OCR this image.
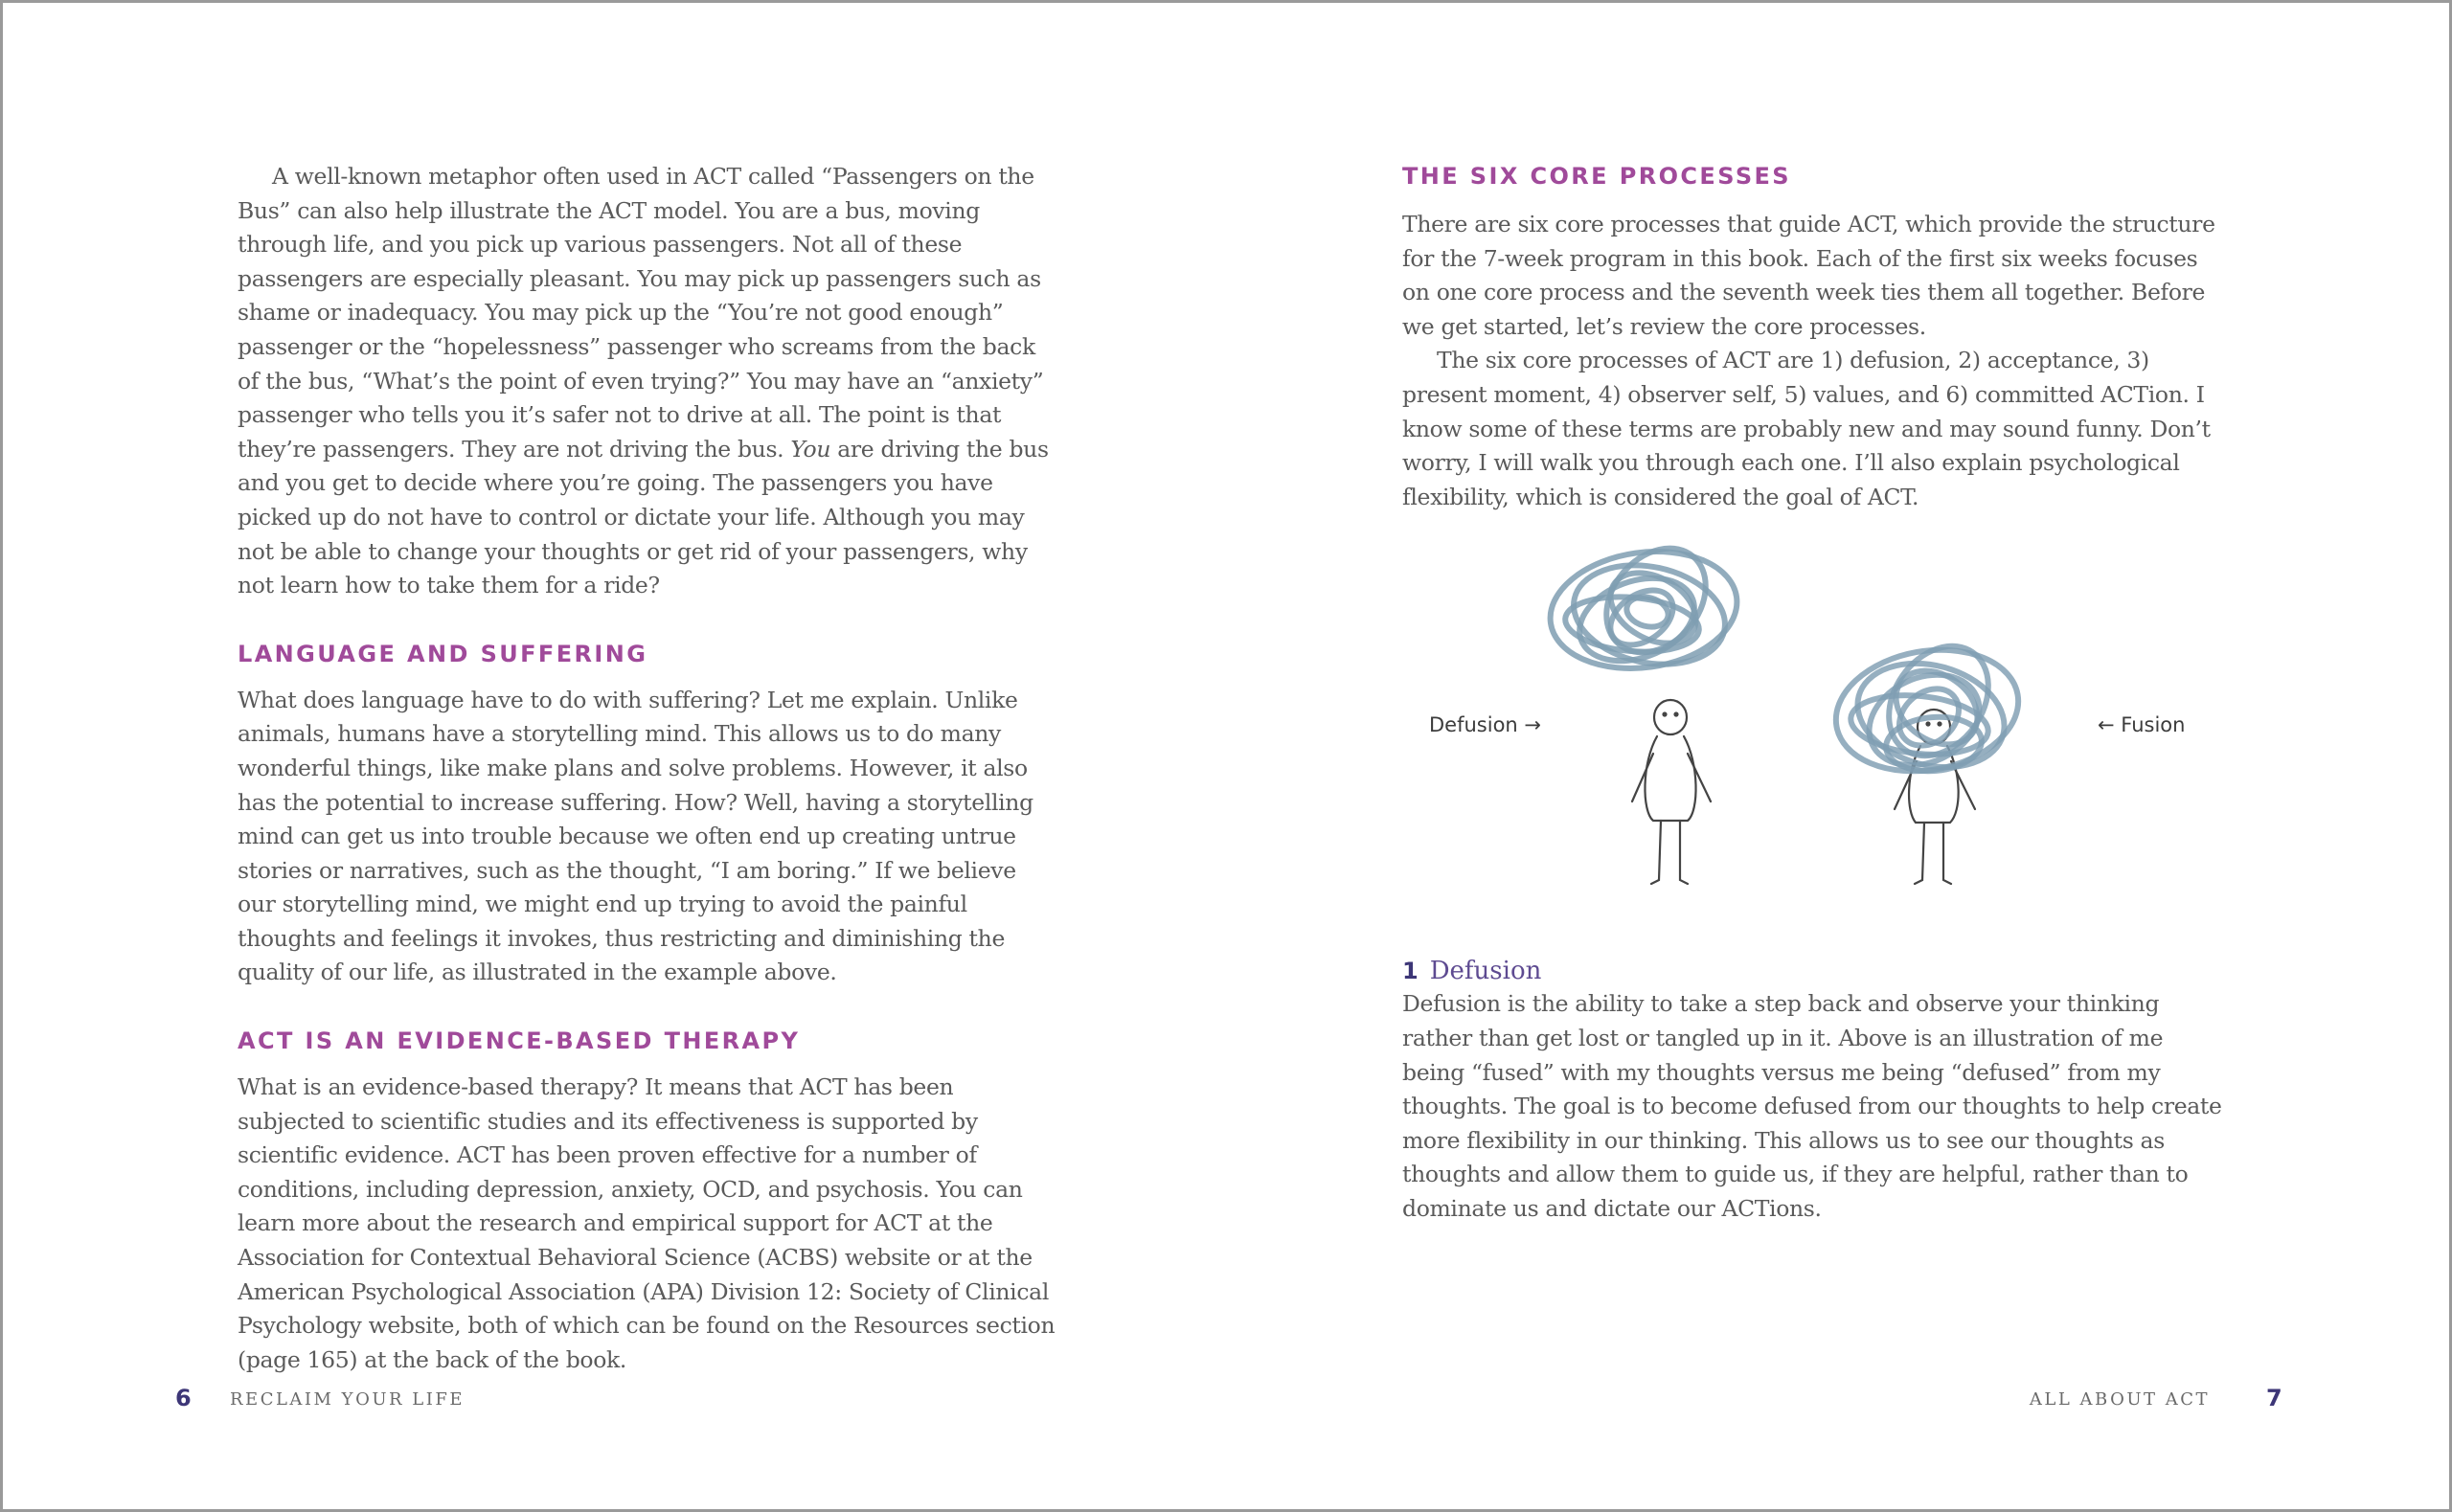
A well-known metaphor often used in ACT called “Passengers on the Bus” can also help illustrate the ACT model. You are a bus, moving through life, and you pick up various passengers. Not all of these passengers are especially pleasant. You may pick up passengers such as shame or inadequacy. You may pick up the “You’re not good enough” passenger or the “hopelessness” passenger who screams from the back of the bus, “What’s the point of even trying?” You may have an “anxiety” passenger who tells you it’s safer not to drive at all. The point is that they’re passengers. They are not driving the bus. You are driving the bus and you get to decide where you’re going. The passengers you have picked up do not have to control or dictate your life. Although you may not be able to change your thoughts or get rid of your passengers, why not learn how to take them for a ride?

LANGUAGE AND SUFFERING

What does language have to do with suffering? Let me explain. Unlike animals, humans have a storytelling mind. This allows us to do many wonderful things, like make plans and solve problems. However, it also has the potential to increase suffering. How? Well, having a storytelling mind can get us into trouble because we often end up creating untrue stories or narratives, such as the thought, “I am boring.” If we believe our storytelling mind, we might end up trying to avoid the painful thoughts and feelings it invokes, thus restricting and diminishing the quality of our life, as illustrated in the example above.

ACT IS AN EVIDENCE-BASED THERAPY

What is an evidence-based therapy? It means that ACT has been subjected to scientific studies and its effectiveness is supported by scientific evidence. ACT has been proven effective for a number of conditions, including depression, anxiety, OCD, and psychosis. You can learn more about the research and empirical support for ACT at the Association for Contextual Behavioral Science (ACBS) website or at the American Psychological Association (APA) Division 12: Society of Clinical Psychology website, both of which can be found on the Resources section (page 165) at the back of the book.

THE SIX CORE PROCESSES

There are six core processes that guide ACT, which provide the structure for the 7-week program in this book. Each of the first six weeks focuses on one core process and the seventh week ties them all together. Before we get started, let’s review the core processes.

The six core processes of ACT are 1) defusion, 2) acceptance, 3) present moment, 4) observer self, 5) values, and 6) committed ACTion. I know some of these terms are probably new and may sound funny. Don’t worry, I will walk you through each one. I’ll also explain psychological flexibility, which is considered the goal of ACT.

Defusion →	← Fusion
1 Defusion

Defusion is the ability to take a step back and observe your thinking rather than get lost or tangled up in it. Above is an illustration of me being “fused” with my thoughts versus me being “defused” from my thoughts. The goal is to become defused from our thoughts to help create more flexibility in our thinking. This allows us to see our thoughts as thoughts and allow them to guide us, if they are helpful, rather than to dominate us and dictate our ACTions.

6 RECLAIM YOUR LIFE	ALL ABOUT ACT 7
